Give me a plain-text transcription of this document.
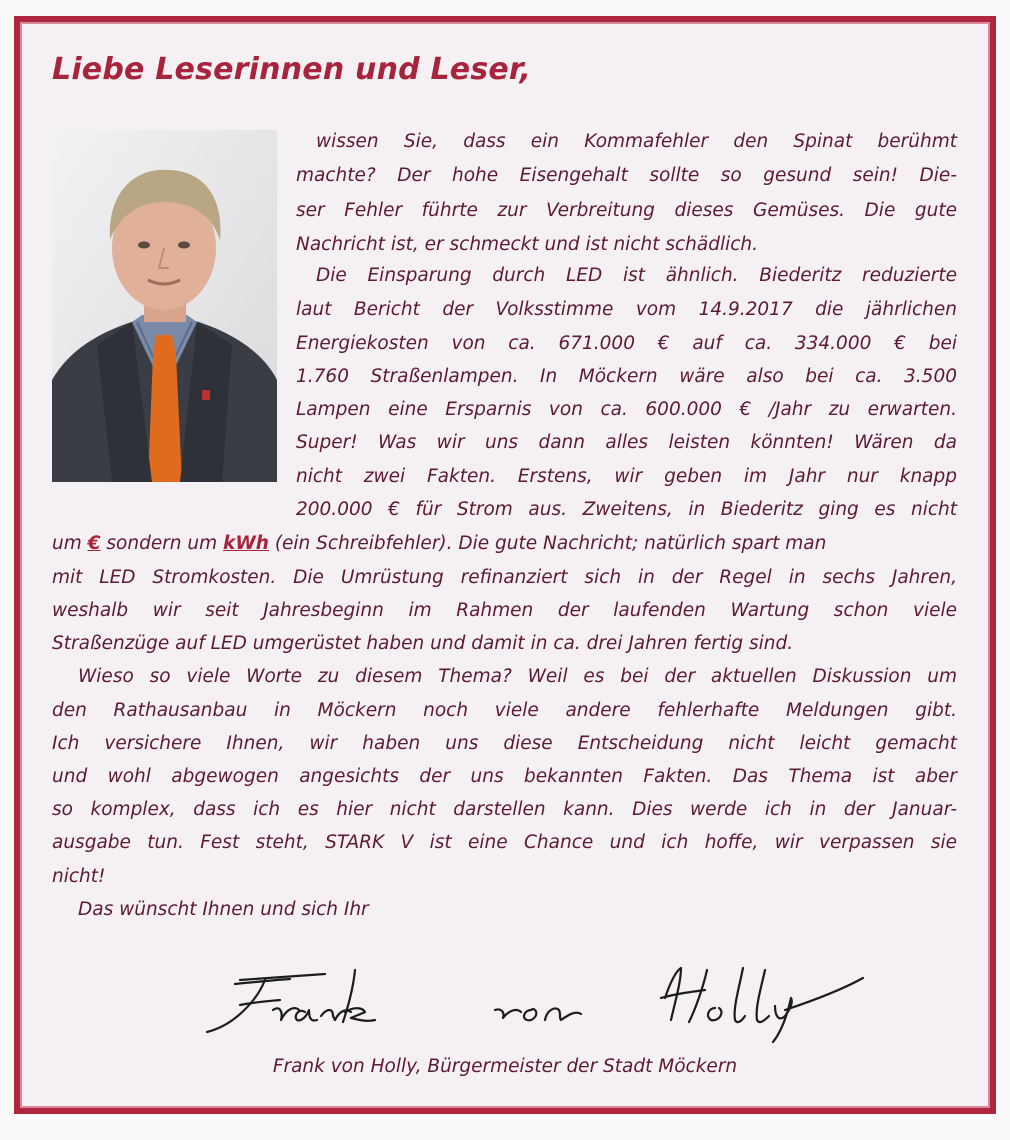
Liebe Leserinnen und Leser,
wissen Sie, dass ein Kommafehler den Spinat berühmt
machte? Der hohe Eisengehalt sollte so gesund sein! Die-
ser Fehler führte zur Verbreitung dieses Gemüses. Die gute
Nachricht ist, er schmeckt und ist nicht schädlich.
Die Einsparung durch LED ist ähnlich. Biederitz reduzierte
laut Bericht der Volksstimme vom 14.9.2017 die jährlichen
Energiekosten von ca. 671.000 € auf ca. 334.000 € bei
1.760 Straßenlampen. In Möckern wäre also bei ca. 3.500
Lampen eine Ersparnis von ca. 600.000 € /Jahr zu erwarten.
Super! Was wir uns dann alles leisten könnten! Wären da
nicht zwei Fakten. Erstens, wir geben im Jahr nur knapp
200.000 € für Strom aus. Zweitens, in Biederitz ging es nicht
um € sondern um kWh (ein Schreibfehler). Die gute Nachricht; natürlich spart man
mit LED Stromkosten. Die Umrüstung refinanziert sich in der Regel in sechs Jahren,
weshalb wir seit Jahresbeginn im Rahmen der laufenden Wartung schon viele
Straßenzüge auf LED umgerüstet haben und damit in ca. drei Jahren fertig sind.
Wieso so viele Worte zu diesem Thema? Weil es bei der aktuellen Diskussion um
den Rathausanbau in Möckern noch viele andere fehlerhafte Meldungen gibt.
Ich versichere Ihnen, wir haben uns diese Entscheidung nicht leicht gemacht
und wohl abgewogen angesichts der uns bekannten Fakten. Das Thema ist aber
so komplex, dass ich es hier nicht darstellen kann. Dies werde ich in der Januar-
ausgabe tun. Fest steht, STARK V ist eine Chance und ich hoffe, wir verpassen sie
nicht!
Das wünscht Ihnen und sich Ihr

Frank von Holly, Bürgermeister der Stadt Möckern
